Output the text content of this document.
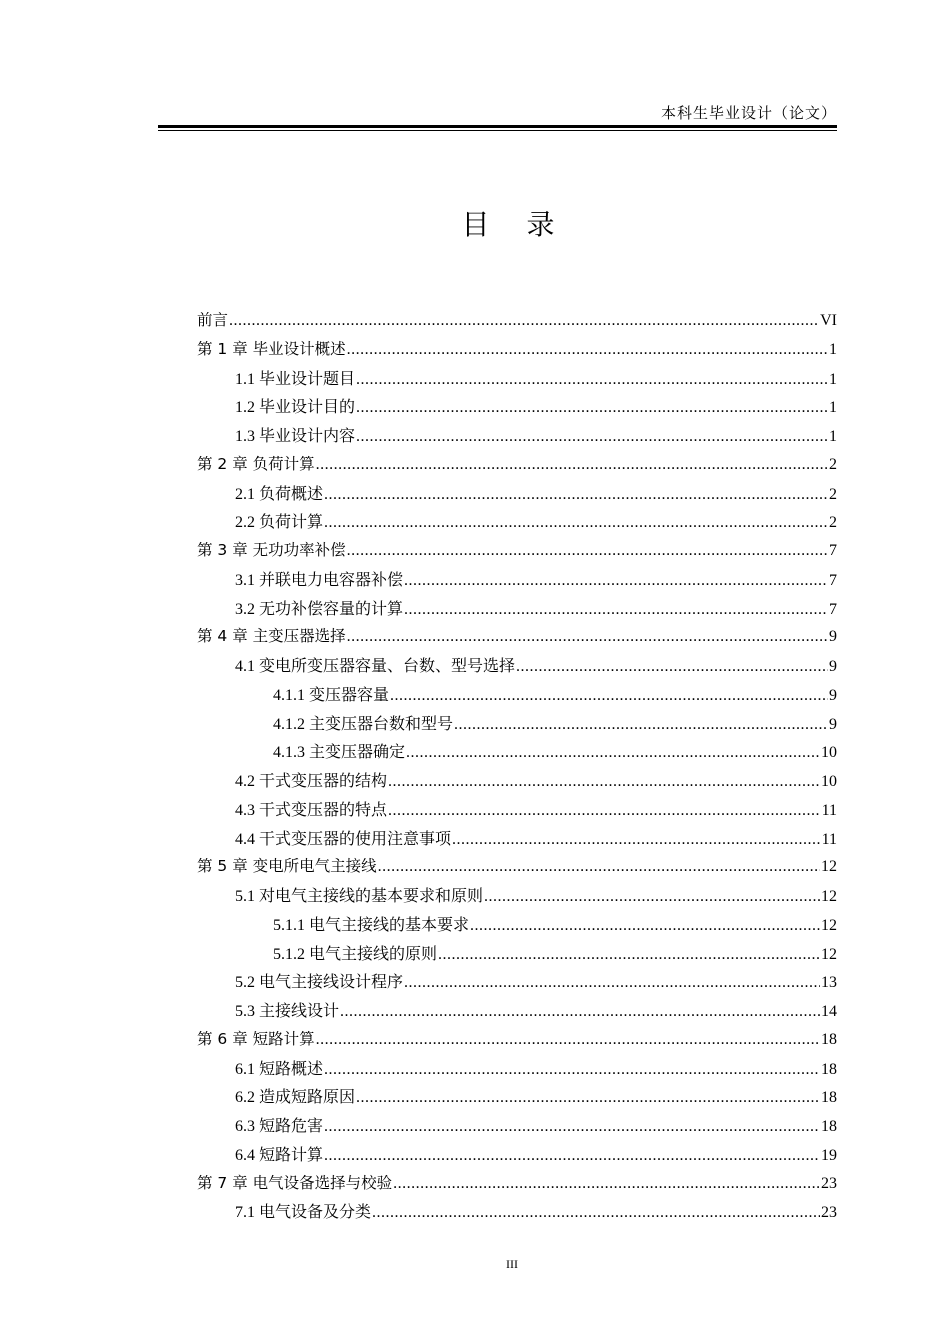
本科生毕业设计（论文）
目 录
前言 .....	VI
第 1 章 毕业设计概述 .....	1
1.1 毕业设计题目 .....	1
1.2 毕业设计目的 .....	1
1.3 毕业设计内容 .....	1
第 2 章 负荷计算 .....	2
2.1 负荷概述 .....	2
2.2 负荷计算 .....	2
第 3 章 无功功率补偿 .....	7
3.1 并联电力电容器补偿 .....	7
3.2 无功补偿容量的计算 .....	7
第 4 章 主变压器选择 .....	9
4.1 变电所变压器容量、台数、型号选择 .....	9
4.1.1 变压器容量 .....	9
4.1.2 主变压器台数和型号 .....	9
4.1.3 主变压器确定 .....	10
4.2 干式变压器的结构 .....	10
4.3 干式变压器的特点 .....	11
4.4 干式变压器的使用注意事项 .....	11
第 5 章 变电所电气主接线 .....	12
5.1 对电气主接线的基本要求和原则 .....	12
5.1.1 电气主接线的基本要求 .....	12
5.1.2 电气主接线的原则 .....	12
5.2 电气主接线设计程序 .....	13
5.3 主接线设计 .....	14
第 6 章 短路计算 .....	18
6.1 短路概述 .....	18
6.2 造成短路原因 .....	18
6.3 短路危害 .....	18
6.4 短路计算 .....	19
第 7 章 电气设备选择与校验 .....	23
7.1 电气设备及分类 .....	23
III
